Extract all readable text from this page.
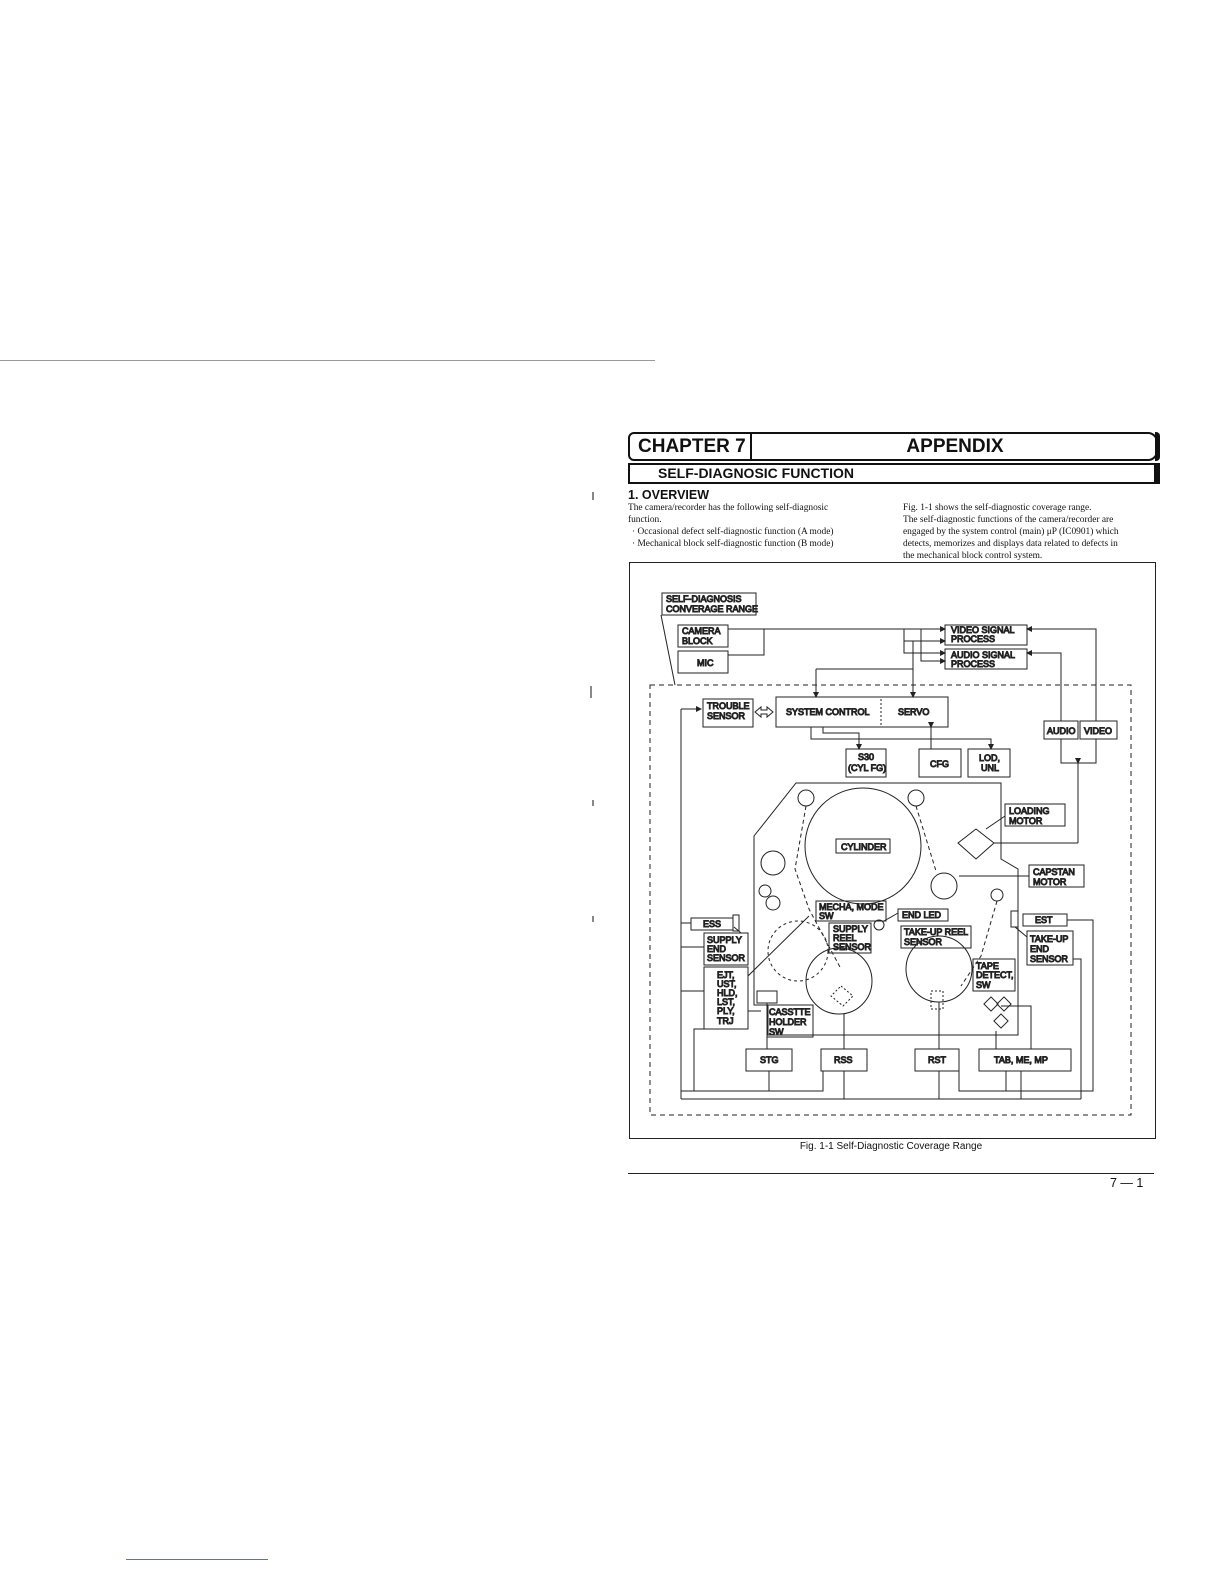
CHAPTER 7	APPENDIX
SELF-DIAGNOSIC FUNCTION
1. OVERVIEW
The camera/recorder has the following self-diagnosic
function.
· Occasional defect self-diagnostic function (A mode)
· Mechanical block self-diagnostic function (B mode)
Fig. 1-1 shows the self-diagnostic coverage range.
The self-diagnostic functions of the camera/recorder are
engaged by the system control (main) μP (IC0901) which
detects, memorizes and displays data related to defects in
the mechanical block control system.
SELF-DIAGNOSIS
CONVERAGE RANGE
CAMERA
BLOCK
MIC
VIDEO SIGNAL
PROCESS
AUDIO SIGNAL
PROCESS
TROUBLE
SENSOR	SYSTEM CONTROL	SERVO
AUDIO VIDEO
S30
(CYL FG)	CFG
LOD,
UNL
CYLINDER
LOADING
MOTOR
CAPSTAN
MOTOR
MECHA, MODE
SW	END LED
SUPPLY
REEL
SENSOR
TAKE-UP REEL
SENSOR
ESS	EST
SUPPLY
END
SENSOR
TAKE-UP
END
SENSOR
EJT,
UST,
HLD,
LST,
PLY,
TRJ
TAPE
DETECT,
SW
CASSTTE
HOLDER
SW
STG	RSS	RST	TAB, ME, MP
Fig. 1-1 Self-Diagnostic Coverage Range
7 — 1
